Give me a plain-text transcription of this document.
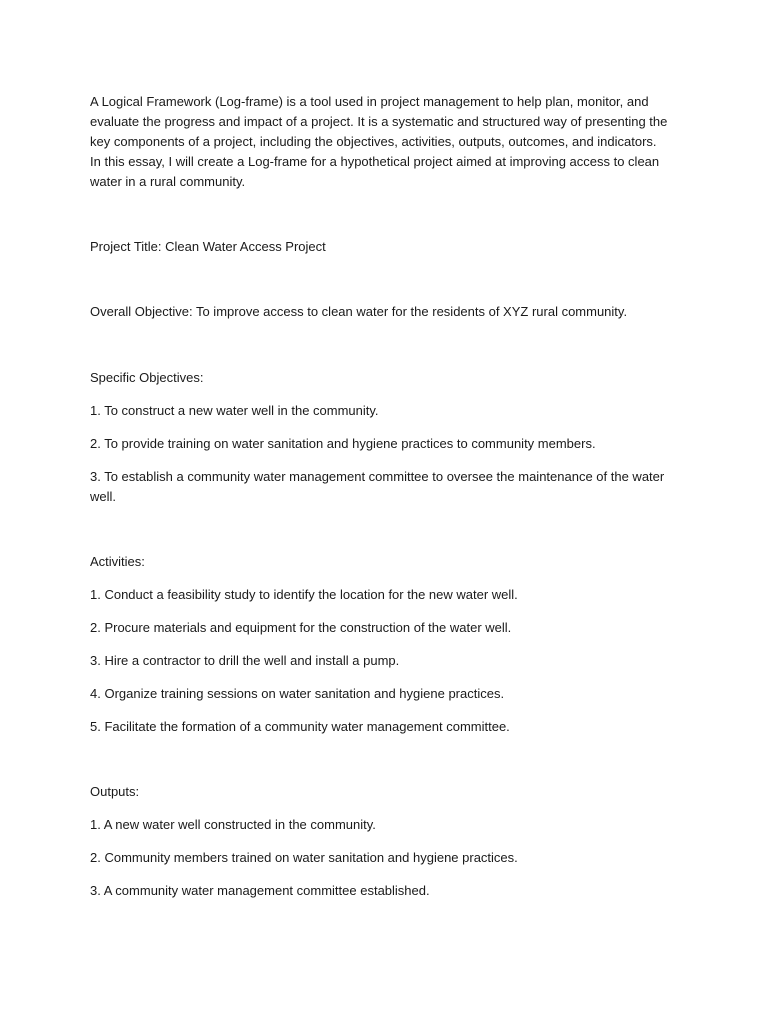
A Logical Framework (Log-frame) is a tool used in project management to help plan, monitor, and evaluate the progress and impact of a project. It is a systematic and structured way of presenting the key components of a project, including the objectives, activities, outputs, outcomes, and indicators. In this essay, I will create a Log-frame for a hypothetical project aimed at improving access to clean water in a rural community.

Project Title: Clean Water Access Project

Overall Objective: To improve access to clean water for the residents of XYZ rural community.

Specific Objectives:

1. To construct a new water well in the community.

2. To provide training on water sanitation and hygiene practices to community members.

3. To establish a community water management committee to oversee the maintenance of the water well.

Activities:

1. Conduct a feasibility study to identify the location for the new water well.

2. Procure materials and equipment for the construction of the water well.

3. Hire a contractor to drill the well and install a pump.

4. Organize training sessions on water sanitation and hygiene practices.

5. Facilitate the formation of a community water management committee.

Outputs:

1. A new water well constructed in the community.

2. Community members trained on water sanitation and hygiene practices.

3. A community water management committee established.
